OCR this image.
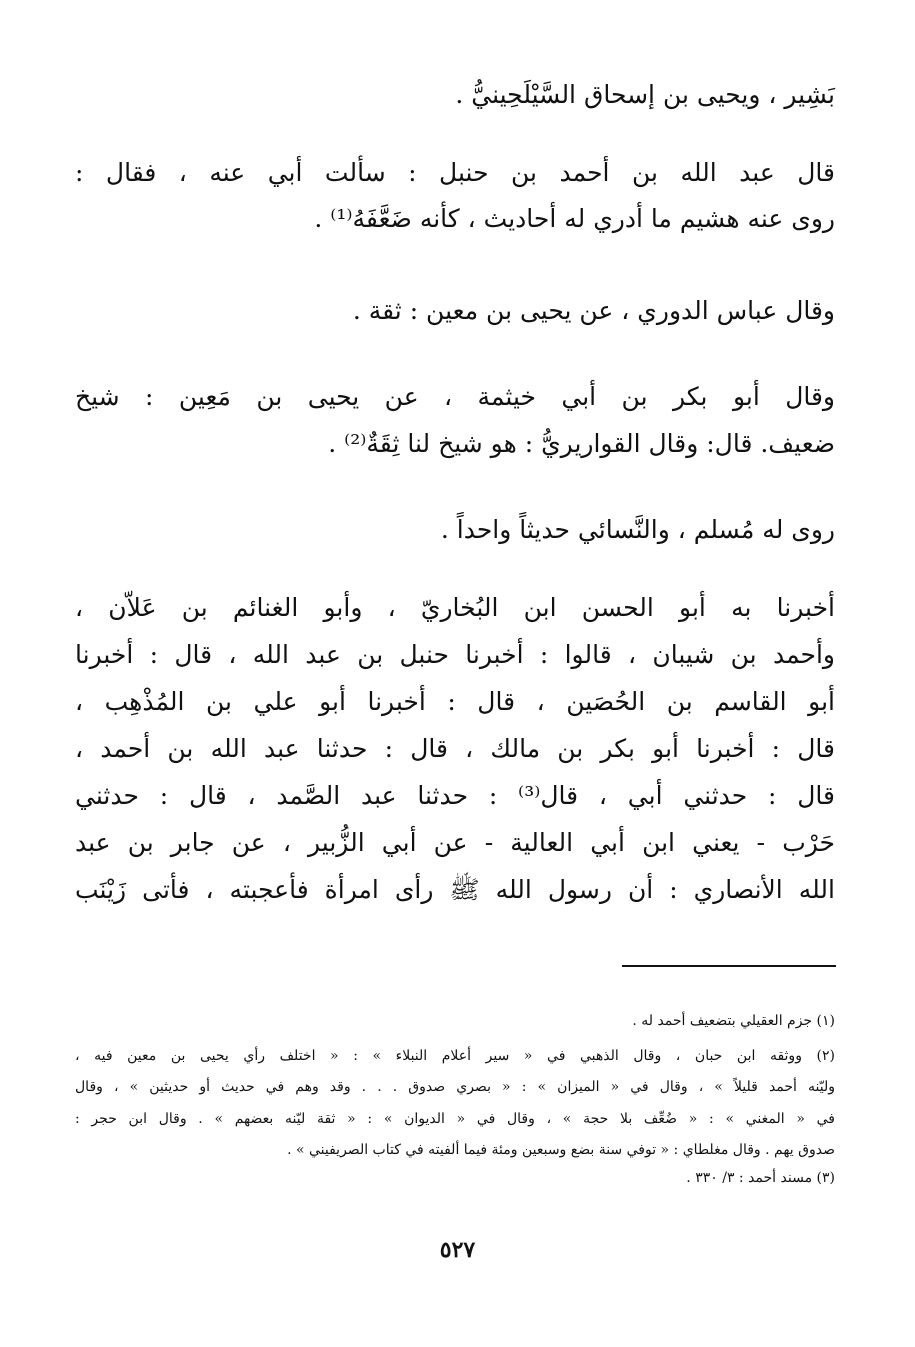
بَشِير ، ويحيى بن إسحاق السَّيْلَحِينيُّ .
قال عبد الله بن أحمد بن حنبل : سألت أبي عنه ، فقال :
روى عنه هشيم ما أدري له أحاديث ، كأنه ضَعَّفَهُ⁽¹⁾ .
وقال عباس الدوري ، عن يحيى بن معين : ثقة .
وقال أبو بكر بن أبي خيثمة ، عن يحيى بن مَعِين : شيخ
ضعيف. قال: وقال القواريريُّ : هو شيخ لنا ثِقَةٌ⁽²⁾ .
روى له مُسلم ، والنَّسائي حديثاً واحداً .
أخبرنا به أبو الحسن ابن البُخاريّ ، وأبو الغنائم بن عَلاّن ،
وأحمد بن شيبان ، قالوا : أخبرنا حنبل بن عبد الله ، قال : أخبرنا
أبو القاسم بن الحُصَين ، قال : أخبرنا أبو علي بن المُذْهِب ،
قال : أخبرنا أبو بكر بن مالك ، قال : حدثنا عبد الله بن أحمد ،
قال : حدثني أبي ، قال⁽³⁾ : حدثنا عبد الصَّمد ، قال : حدثني
حَرْب - يعني ابن أبي العالية - عن أبي الزُّبير ، عن جابر بن عبد
الله الأنصاري : أن رسول الله ﷺ رأى امرأة فأعجبته ، فأتى زَيْنَب
(١) جزم العقيلي بتضعيف أحمد له .
(٢) ووثقه ابن حبان ، وقال الذهبي في « سير أعلام النبلاء » : « اختلف رأي يحيى بن معين فيه ،
وليّنه أحمد قليلاً » ، وقال في « الميزان » : « بصري صدوق . . . وقد وهم في حديث أو حديثين » ، وقال
في « المغني » : « ضُعِّف بلا حجة » ، وقال في « الديوان » : « ثقة ليّنه بعضهم » . وقال ابن حجر :
صدوق يهم . وقال مغلطاي : « توفي سنة بضع وسبعين ومئة فيما ألفيته في كتاب الصريفيني » .
(٣) مسند أحمد : ٣/ ٣٣٠ .
٥٢٧
